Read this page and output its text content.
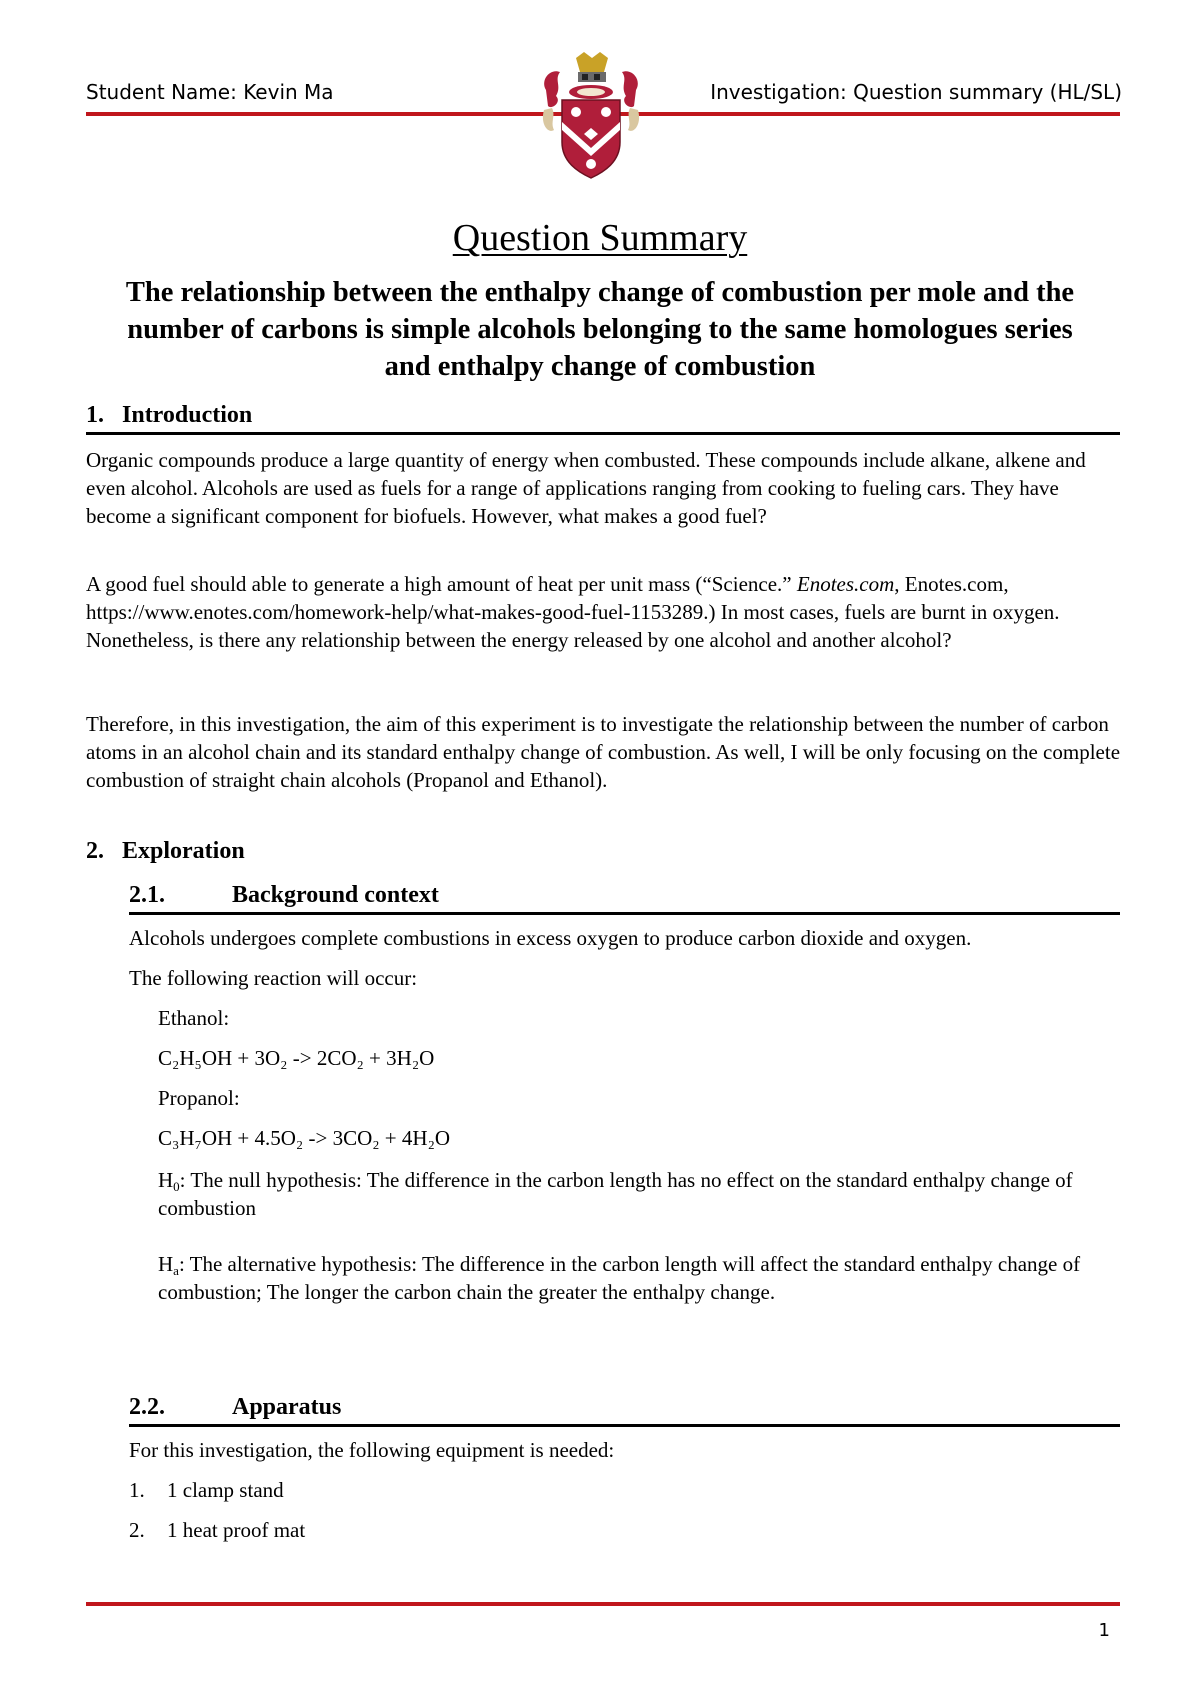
Student Name: Kevin Ma	Investigation: Question summary (HL/SL)
Question Summary
The relationship between the enthalpy change of combustion per mole and the number of carbons is simple alcohols belonging to the same homologues series and enthalpy change of combustion
1. Introduction
Organic compounds produce a large quantity of energy when combusted. These compounds include alkane, alkene and even alcohol. Alcohols are used as fuels for a range of applications ranging from cooking to fueling cars. They have become a significant component for biofuels. However, what makes a good fuel?
A good fuel should able to generate a high amount of heat per unit mass (“Science.” Enotes.com, Enotes.com, https://www.enotes.com/homework-help/what-makes-good-fuel-1153289.) In most cases, fuels are burnt in oxygen. Nonetheless, is there any relationship between the energy released by one alcohol and another alcohol?
Therefore, in this investigation, the aim of this experiment is to investigate the relationship between the number of carbon atoms in an alcohol chain and its standard enthalpy change of combustion. As well, I will be only focusing on the complete combustion of straight chain alcohols (Propanol and Ethanol).
2. Exploration
2.1.	Background context
Alcohols undergoes complete combustions in excess oxygen to produce carbon dioxide and oxygen.
The following reaction will occur:
Ethanol:
C₂H₅OH + 3O₂ -> 2CO₂ + 3H₂O
Propanol:
C₃H₇OH + 4.5O₂ -> 3CO₂ + 4H₂O
$H_0$: The null hypothesis: The difference in the carbon length has no effect on the standard enthalpy change of combustion
$H_a$: The alternative hypothesis: The difference in the carbon length will affect the standard enthalpy change of combustion; The longer the carbon chain the greater the enthalpy change.
2.2.	Apparatus
For this investigation, the following equipment is needed:
1. 1 clamp stand
2. 1 heat proof mat
1
